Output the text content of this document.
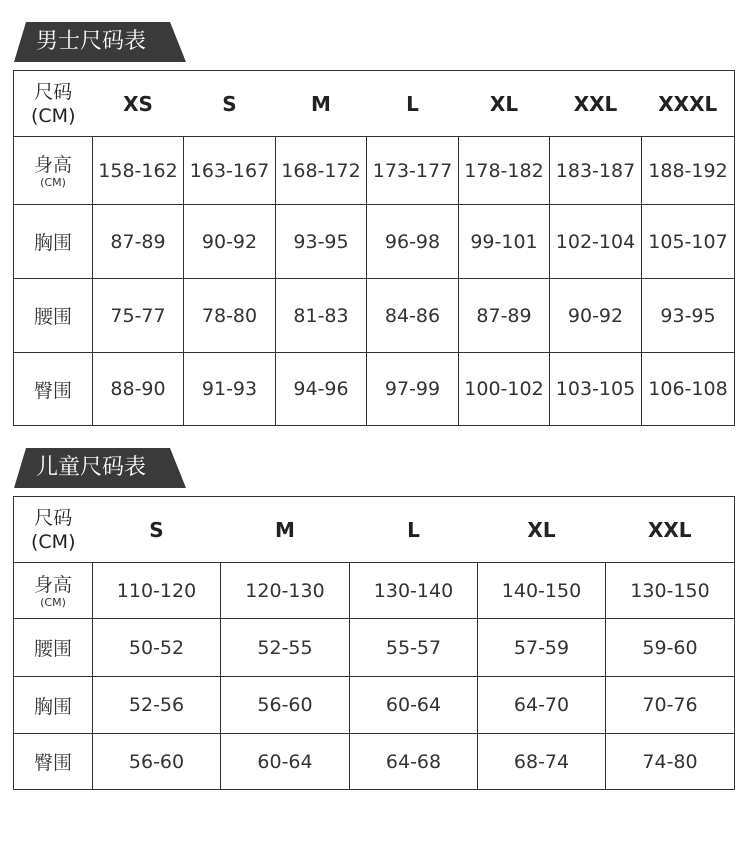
男士尺码表
尺码
(CM)	XS	S	M	L	XL	XXL	XXXL

身高
(CM)	158-162	163-167	168-172	173-177	178-182	183-187	188-192
胸围	87-89	90-92	93-95	96-98	99-101	102-104	105-107
腰围	75-77	78-80	81-83	84-86	87-89	90-92	93-95
臀围	88-90	91-93	94-96	97-99	100-102	103-105	106-108
儿童尺码表
尺码
(CM)	S	M	L	XL	XXL

身高
(CM)	110-120	120-130	130-140	140-150	130-150
腰围	50-52	52-55	55-57	57-59	59-60
胸围	52-56	56-60	60-64	64-70	70-76
臀围	56-60	60-64	64-68	68-74	74-80
